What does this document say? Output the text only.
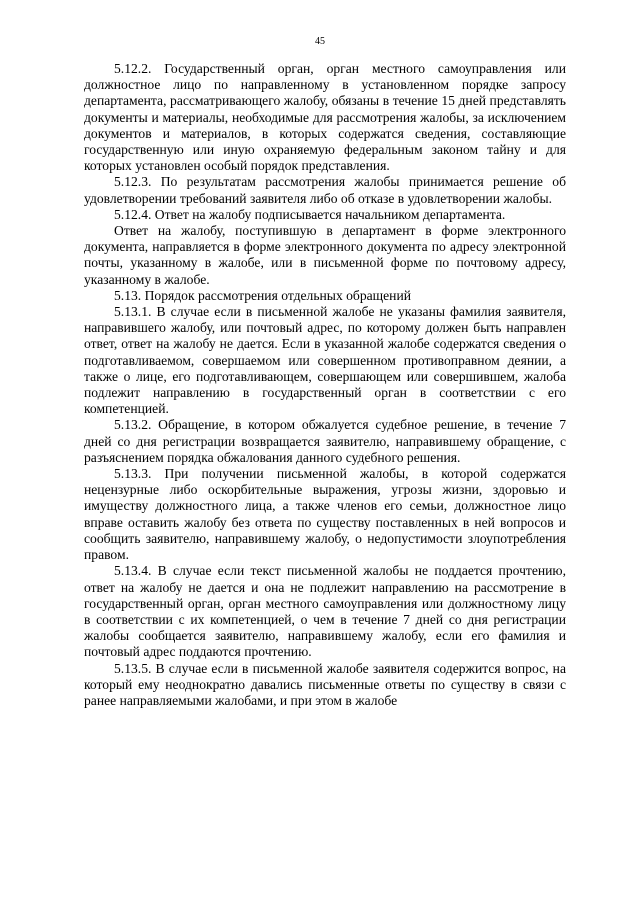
45

5.12.2. Государственный орган, орган местного самоуправления или должностное лицо по направленному в установленном порядке запросу департамента, рассматривающего жалобу, обязаны в течение 15 дней представлять документы и материалы, необходимые для рассмотрения жалобы, за исключением документов и материалов, в которых содержатся сведения, составляющие государственную или иную охраняемую федеральным законом тайну и для которых установлен особый порядок представления.

5.12.3. По результатам рассмотрения жалобы принимается решение об удовлетворении требований заявителя либо об отказе в удовлетворении жалобы.

5.12.4. Ответ на жалобу подписывается начальником департамента.

Ответ на жалобу, поступившую в департамент в форме электронного документа, направляется в форме электронного документа по адресу электронной почты, указанному в жалобе, или в письменной форме по почтовому адресу, указанному в жалобе.

5.13. Порядок рассмотрения отдельных обращений

5.13.1. В случае если в письменной жалобе не указаны фамилия заявителя, направившего жалобу, или почтовый адрес, по которому должен быть направлен ответ, ответ на жалобу не дается. Если в указанной жалобе содержатся сведения о подготавливаемом, совершаемом или совершенном противоправном деянии, а также о лице, его подготавливающем, совершающем или совершившем, жалоба подлежит направлению в государственный орган в соответствии с его компетенцией.

5.13.2. Обращение, в котором обжалуется судебное решение, в течение 7 дней со дня регистрации возвращается заявителю, направившему обращение, с разъяснением порядка обжалования данного судебного решения.

5.13.3. При получении письменной жалобы, в которой содержатся нецензурные либо оскорбительные выражения, угрозы жизни, здоровью и имуществу должностного лица, а также членов его семьи, должностное лицо вправе оставить жалобу без ответа по существу поставленных в ней вопросов и сообщить заявителю, направившему жалобу, о недопустимости злоупотребления правом.

5.13.4. В случае если текст письменной жалобы не поддается прочтению, ответ на жалобу не дается и она не подлежит направлению на рассмотрение в государственный орган, орган местного самоуправления или должностному лицу в соответствии с их компетенцией, о чем в течение 7 дней со дня регистрации жалобы сообщается заявителю, направившему жалобу, если его фамилия и почтовый адрес поддаются прочтению.

5.13.5. В случае если в письменной жалобе заявителя содержится вопрос, на который ему неоднократно давались письменные ответы по существу в связи с ранее направляемыми жалобами, и при этом в жалобе
